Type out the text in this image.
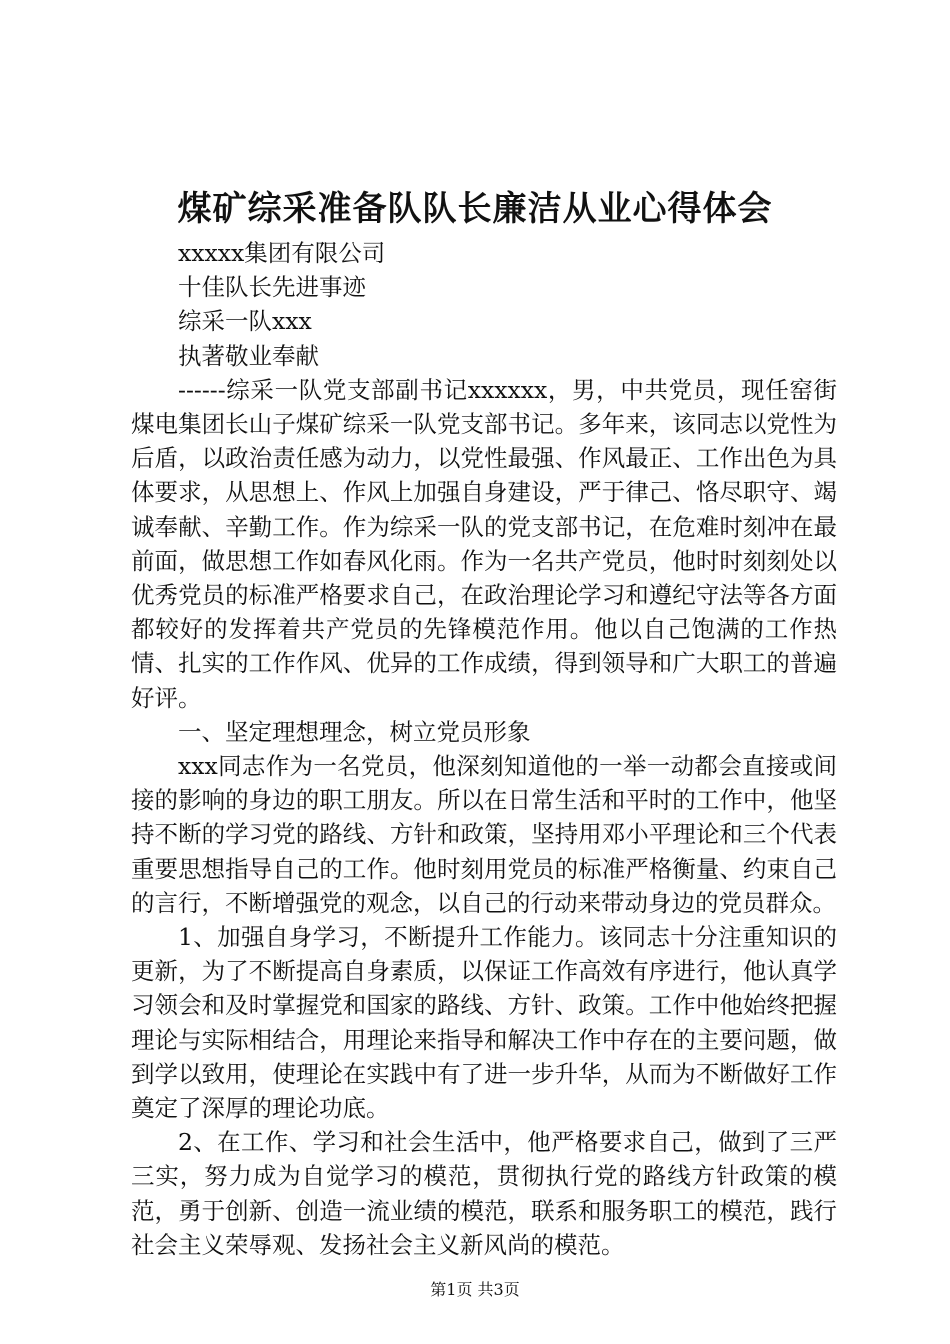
煤矿综采准备队队长廉洁从业心得体会

xxxxx集团有限公司

十佳队长先进事迹

综采一队xxx

执著敬业奉献

------综采一队党支部副书记xxxxxx，男，中共党员，现任窑街煤电集团长山子煤矿综采一队党支部书记。多年来，该同志以党性为后盾，以政治责任感为动力，以党性最强、作风最正、工作出色为具体要求，从思想上、作风上加强自身建设，严于律己、恪尽职守、竭诚奉献、辛勤工作。作为综采一队的党支部书记，在危难时刻冲在最前面，做思想工作如春风化雨。作为一名共产党员，他时时刻刻处以优秀党员的标准严格要求自己，在政治理论学习和遵纪守法等各方面都较好的发挥着共产党员的先锋模范作用。他以自己饱满的工作热情、扎实的工作作风、优异的工作成绩，得到领导和广大职工的普遍好评。

一、坚定理想理念，树立党员形象

xxx同志作为一名党员，他深刻知道他的一举一动都会直接或间接的影响的身边的职工朋友。所以在日常生活和平时的工作中，他坚持不断的学习党的路线、方针和政策，坚持用邓小平理论和三个代表重要思想指导自己的工作。他时刻用党员的标准严格衡量、约束自己的言行，不断增强党的观念，以自己的行动来带动身边的党员群众。

1、加强自身学习，不断提升工作能力。该同志十分注重知识的更新，为了不断提高自身素质，以保证工作高效有序进行，他认真学习领会和及时掌握党和国家的路线、方针、政策。工作中他始终把握理论与实际相结合，用理论来指导和解决工作中存在的主要问题，做到学以致用，使理论在实践中有了进一步升华，从而为不断做好工作奠定了深厚的理论功底。

2、在工作、学习和社会生活中，他严格要求自己，做到了三严三实，努力成为自觉学习的模范，贯彻执行党的路线方针政策的模范，勇于创新、创造一流业绩的模范，联系和服务职工的模范，践行社会主义荣辱观、发扬社会主义新风尚的模范。

第1页 共3页
